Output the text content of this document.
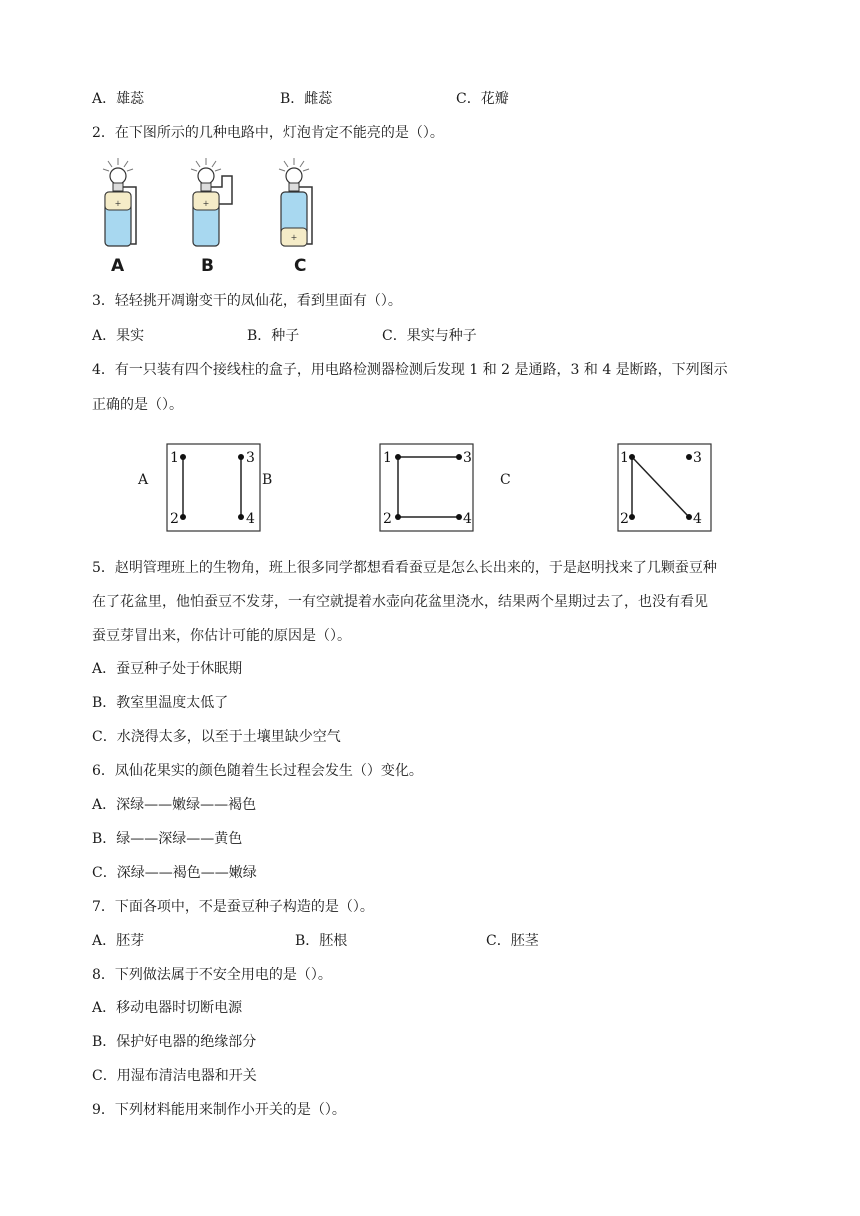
A．雄蕊	B．雌蕊	C．花瓣
2．在下图所示的几种电路中，灯泡肯定不能亮的是（）。
+	+
+
A	B	C
3．轻轻挑开凋谢变干的凤仙花，看到里面有（）。
A．果实	B．种子	C．果实与种子
4．有一只装有四个接线柱的盒子，用电路检测器检测后发现 1 和 2 是通路，3 和 4 是断路，下列图示
正确的是（）。
A	B	C
1
2
3
4
1
2
3
4
1
2
3
4
5．赵明管理班上的生物角，班上很多同学都想看看蚕豆是怎么长出来的，于是赵明找来了几颗蚕豆种
在了花盆里，他怕蚕豆不发芽，一有空就提着水壶向花盆里浇水，结果两个星期过去了，也没有看见
蚕豆芽冒出来，你估计可能的原因是（）。
A．蚕豆种子处于休眠期
B．教室里温度太低了
C．水浇得太多，以至于土壤里缺少空气
6．凤仙花果实的颜色随着生长过程会发生（）变化。
A．深绿——嫩绿——褐色
B．绿——深绿——黄色
C．深绿——褐色——嫩绿
7．下面各项中，不是蚕豆种子构造的是（）。
A．胚芽	B．胚根	C．胚茎
8．下列做法属于不安全用电的是（）。
A．移动电器时切断电源
B．保护好电器的绝缘部分
C．用湿布清洁电器和开关
9．下列材料能用来制作小开关的是（）。
